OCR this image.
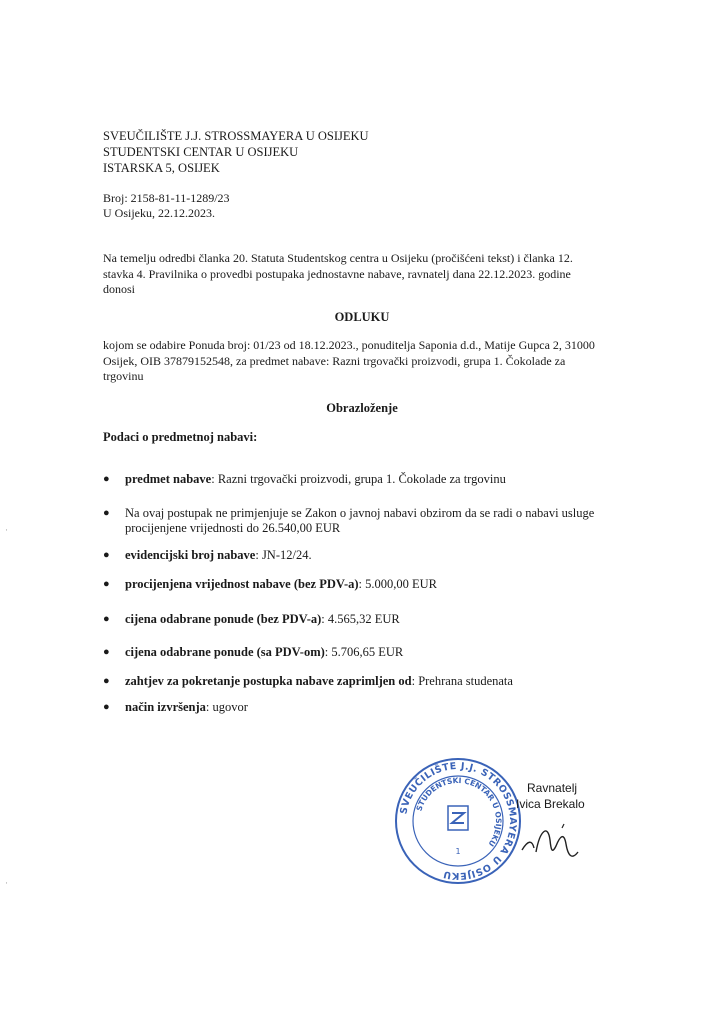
SVEUČILIŠTE J.J. STROSSMAYERA U OSIJEKU
STUDENTSKI CENTAR U OSIJEKU
ISTARSKA 5, OSIJEK
Broj: 2158-81-11-1289/23
U Osijeku, 22.12.2023.
Na temelju odredbi članka 20. Statuta Studentskog centra u Osijeku (pročišćeni tekst) i članka 12.
stavka 4. Pravilnika o provedbi postupaka jednostavne nabave, ravnatelj dana 22.12.2023. godine
donosi
ODLUKU
kojom se odabire Ponuda broj: 01/23 od 18.12.2023., ponuditelja Saponia d.d., Matije Gupca 2, 31000
Osijek, OIB 37879152548, za predmet nabave: Razni trgovački proizvodi, grupa 1. Čokolade za
trgovinu
Obrazloženje
Podaci o predmetnoj nabavi:
●	predmet nabave: Razni trgovački proizvodi, grupa 1. Čokolade za trgovinu
●	Na ovaj postupak ne primjenjuje se Zakon o javnoj nabavi obzirom da se radi o nabavi usluge
procijenjene vrijednosti do 26.540,00 EUR
●	evidencijski broj nabave: JN-12/24.
●	procijenjena vrijednost nabave (bez PDV-a): 5.000,00 EUR
●	cijena odabrane ponude (bez PDV-a): 4.565,32 EUR
●	cijena odabrane ponude (sa PDV-om): 5.706,65 EUR
●	zahtjev za pokretanje postupka nabave zaprimljen od: Prehrana studenata
●	način izvršenja: ugovor
SVEUČILIŠTE J.J. STROSSMAYERA U OSIJEKU
STUDENTSKI CENTAR U OSIJEKU
1
Ravnatelj
Ivica Brekalo
·
·
